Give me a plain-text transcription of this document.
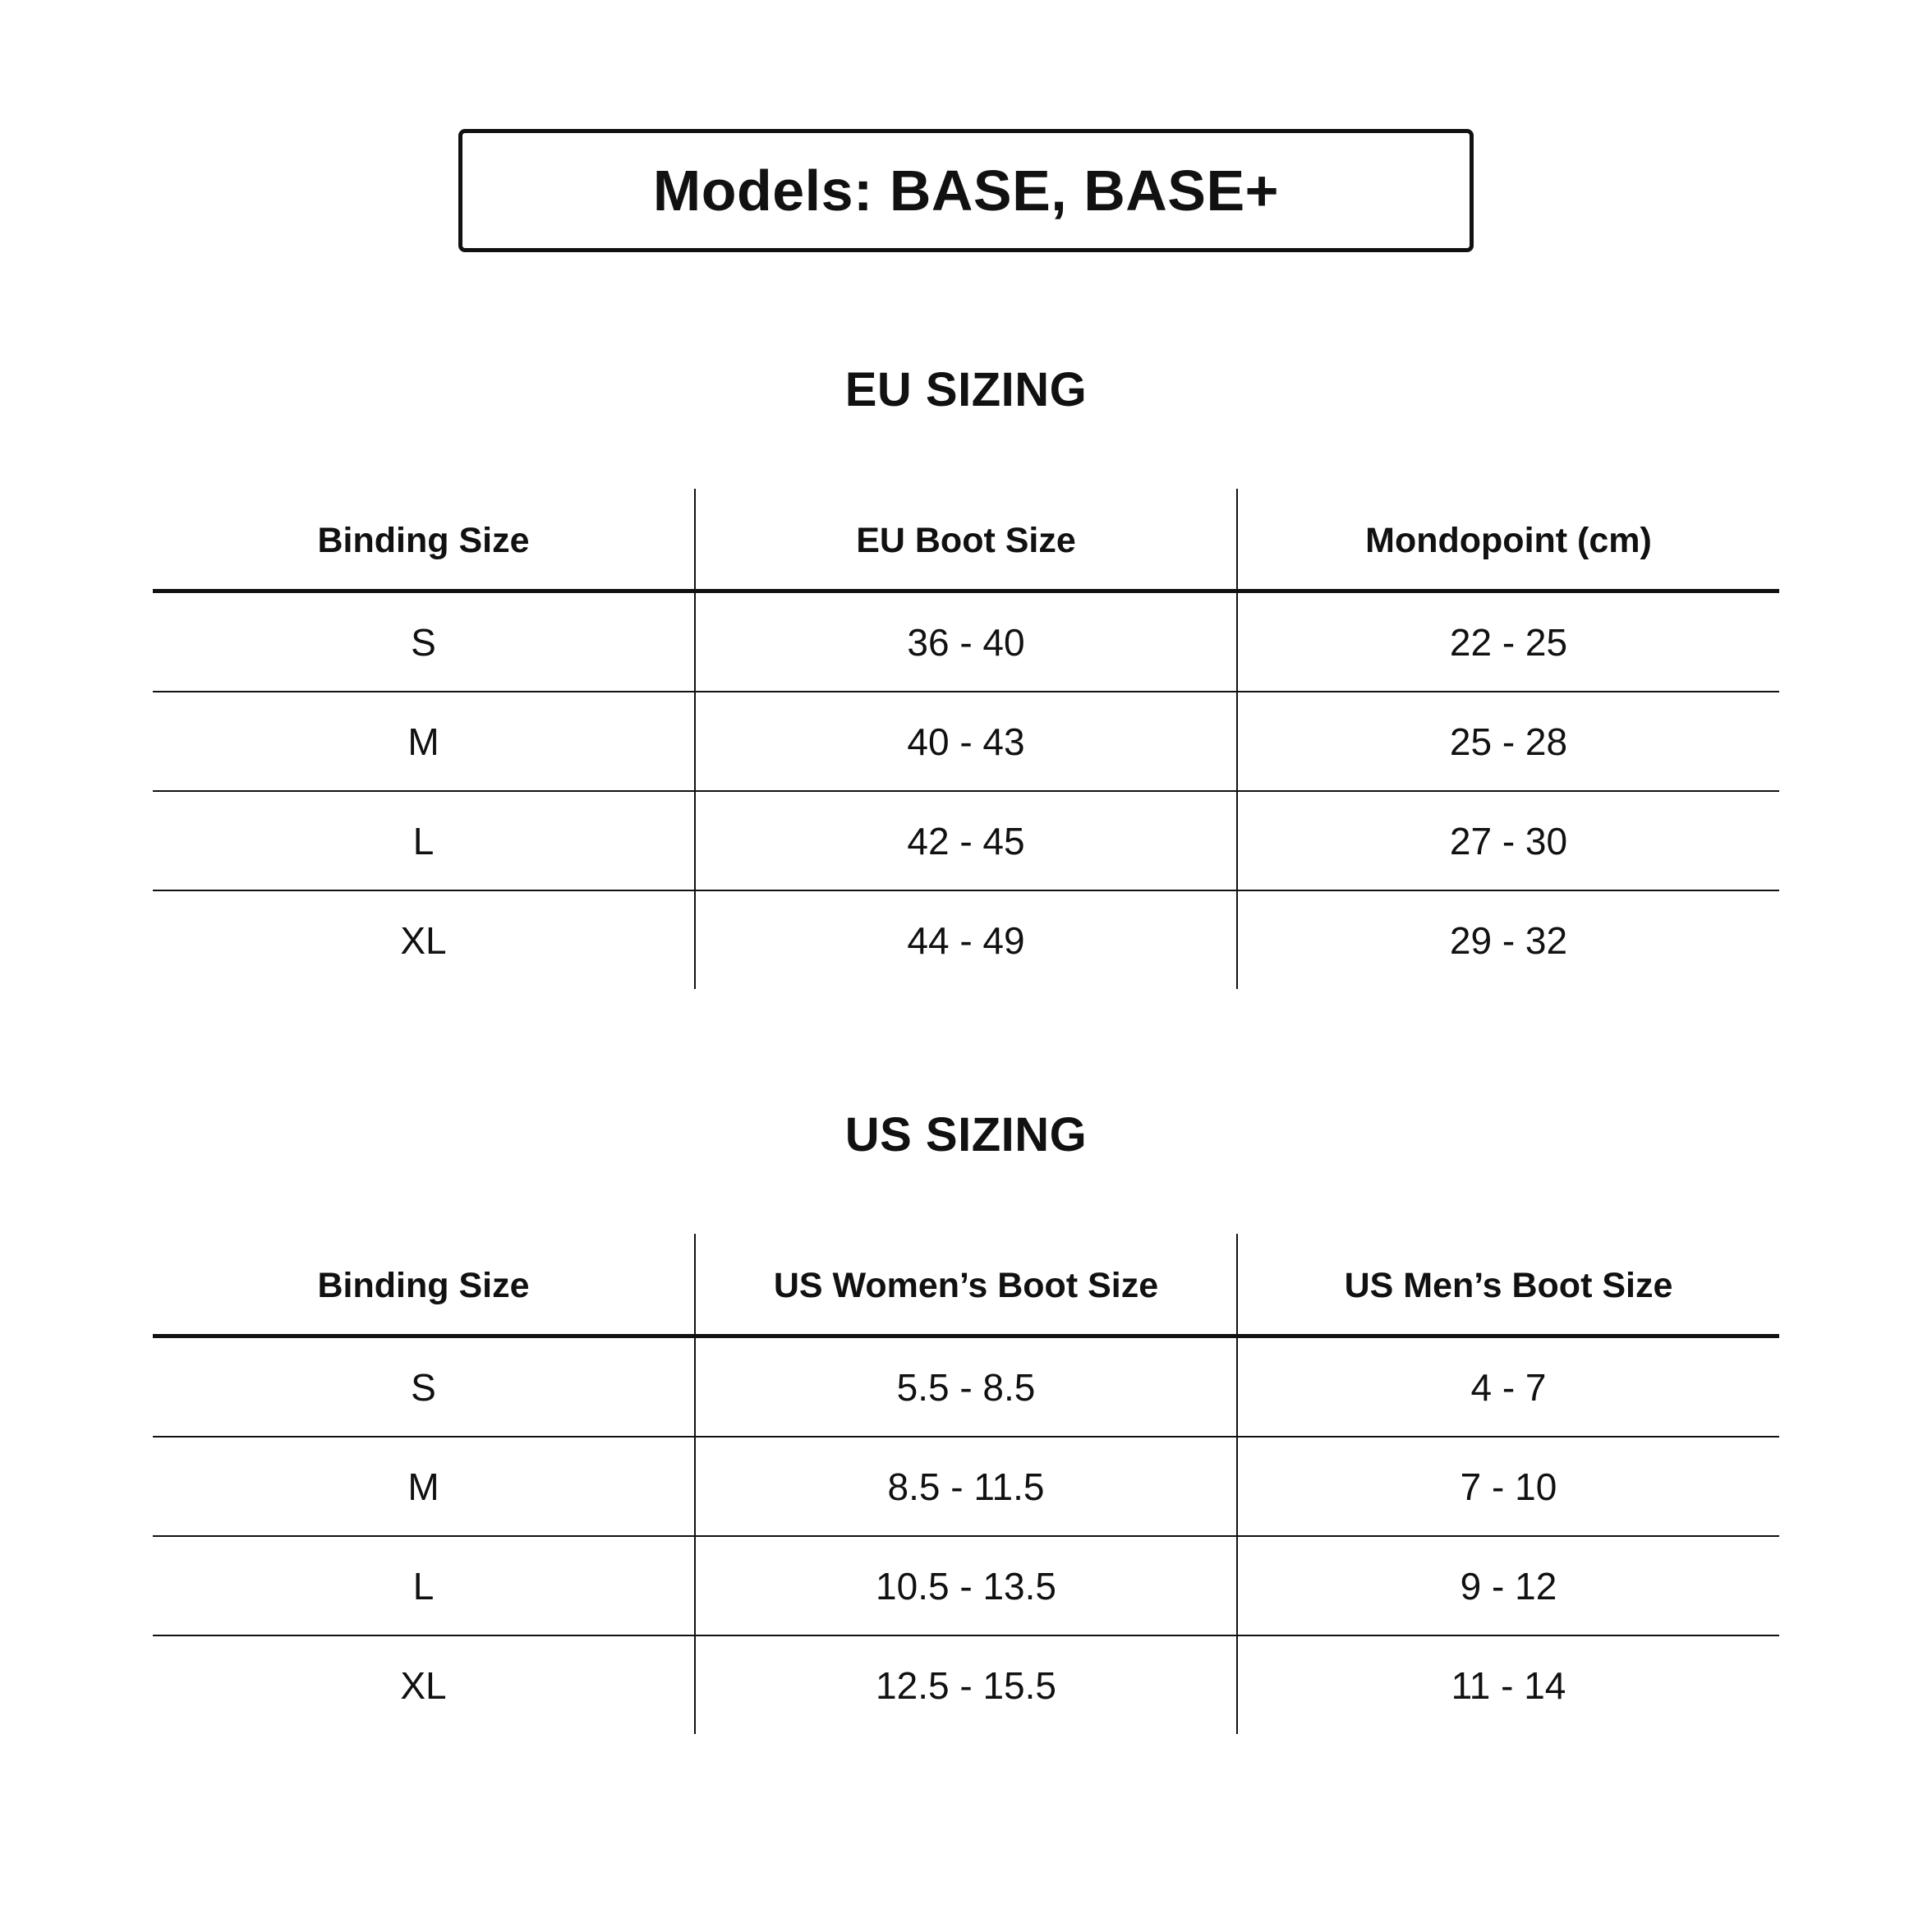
Models: BASE, BASE+
EU SIZING
Binding Size	EU Boot Size	Mondopoint (cm)
S	36 - 40	22 - 25
M	40 - 43	25 - 28
L	42 - 45	27 - 30
XL	44 - 49	29 - 32
US SIZING
Binding Size	US Women’s Boot Size	US Men’s Boot Size
S	5.5 - 8.5	4 - 7
M	8.5 - 11.5	7 - 10
L	10.5 - 13.5	9 - 12
XL	12.5 - 15.5	11 - 14
